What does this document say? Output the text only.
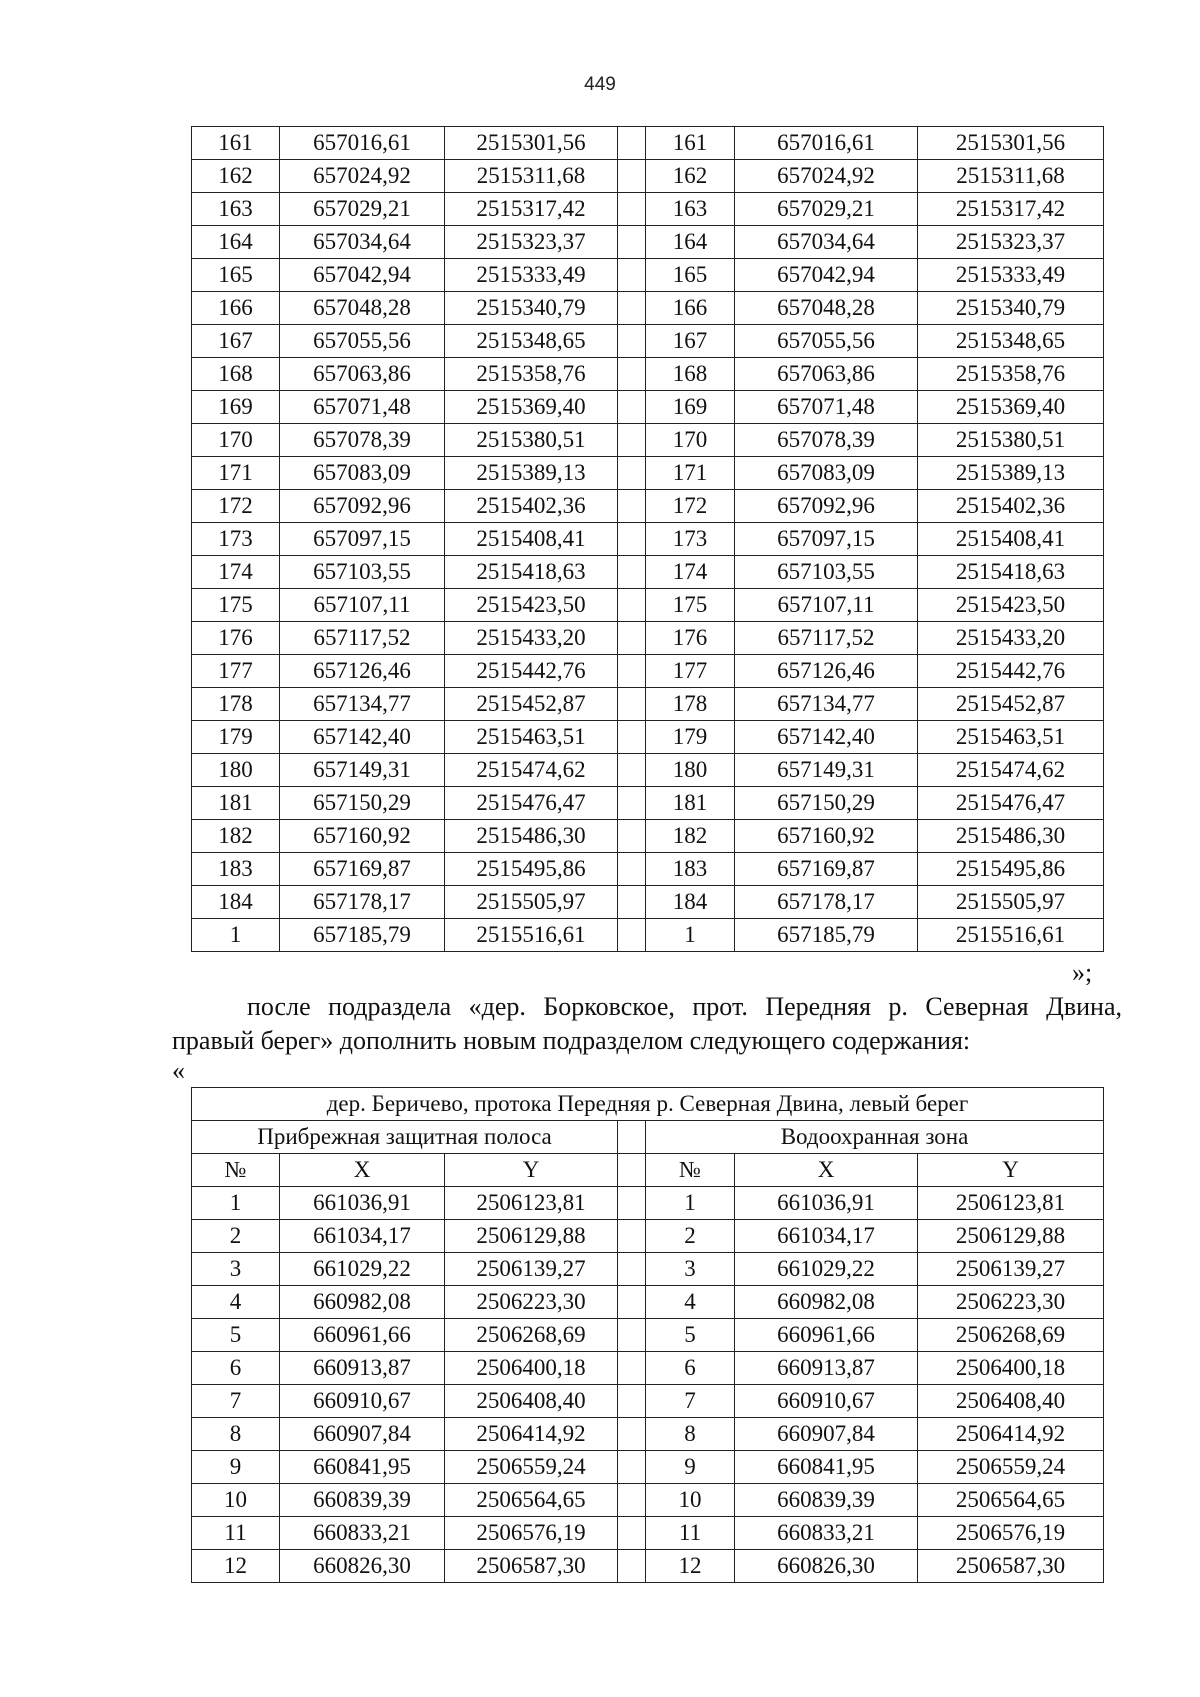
449
161	657016,61	2515301,56		161	657016,61	2515301,56
162	657024,92	2515311,68		162	657024,92	2515311,68
163	657029,21	2515317,42		163	657029,21	2515317,42
164	657034,64	2515323,37		164	657034,64	2515323,37
165	657042,94	2515333,49		165	657042,94	2515333,49
166	657048,28	2515340,79		166	657048,28	2515340,79
167	657055,56	2515348,65		167	657055,56	2515348,65
168	657063,86	2515358,76		168	657063,86	2515358,76
169	657071,48	2515369,40		169	657071,48	2515369,40
170	657078,39	2515380,51		170	657078,39	2515380,51
171	657083,09	2515389,13		171	657083,09	2515389,13
172	657092,96	2515402,36		172	657092,96	2515402,36
173	657097,15	2515408,41		173	657097,15	2515408,41
174	657103,55	2515418,63		174	657103,55	2515418,63
175	657107,11	2515423,50		175	657107,11	2515423,50
176	657117,52	2515433,20		176	657117,52	2515433,20
177	657126,46	2515442,76		177	657126,46	2515442,76
178	657134,77	2515452,87		178	657134,77	2515452,87
179	657142,40	2515463,51		179	657142,40	2515463,51
180	657149,31	2515474,62		180	657149,31	2515474,62
181	657150,29	2515476,47		181	657150,29	2515476,47
182	657160,92	2515486,30		182	657160,92	2515486,30
183	657169,87	2515495,86		183	657169,87	2515495,86
184	657178,17	2515505,97		184	657178,17	2515505,97
1	657185,79	2515516,61		1	657185,79	2515516,61
»;
после подраздела «дер. Борковское, прот. Передняя р. Северная Двина,
правый берег» дополнить новым подразделом следующего содержания:
«
дер. Беричево, протока Передняя р. Северная Двина, левый берег						
Прибрежная защитная полоса				Водоохранная зона		
№	X	Y		№	X	Y
1	661036,91	2506123,81		1	661036,91	2506123,81
2	661034,17	2506129,88		2	661034,17	2506129,88
3	661029,22	2506139,27		3	661029,22	2506139,27
4	660982,08	2506223,30		4	660982,08	2506223,30
5	660961,66	2506268,69		5	660961,66	2506268,69
6	660913,87	2506400,18		6	660913,87	2506400,18
7	660910,67	2506408,40		7	660910,67	2506408,40
8	660907,84	2506414,92		8	660907,84	2506414,92
9	660841,95	2506559,24		9	660841,95	2506559,24
10	660839,39	2506564,65		10	660839,39	2506564,65
11	660833,21	2506576,19		11	660833,21	2506576,19
12	660826,30	2506587,30		12	660826,30	2506587,30
